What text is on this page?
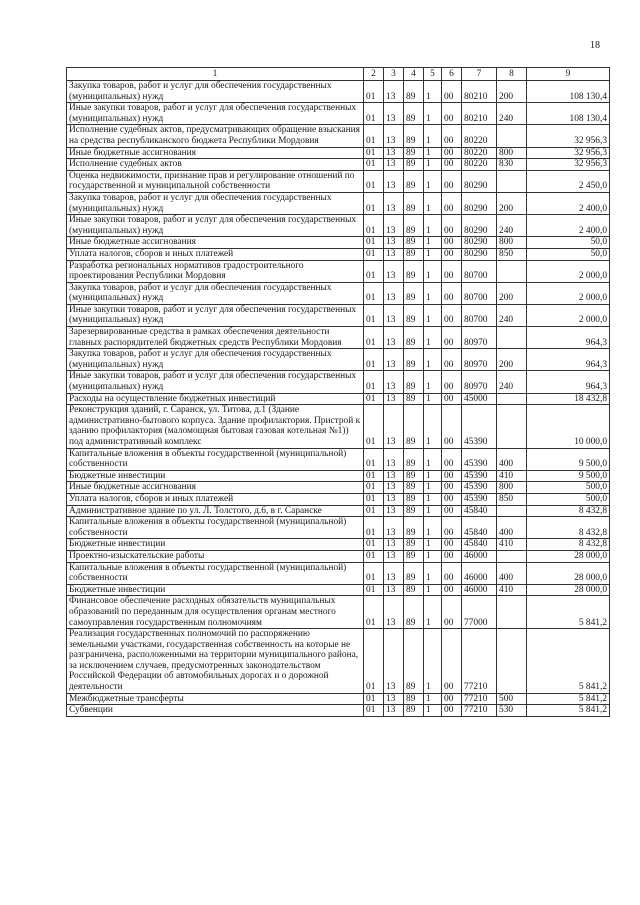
18
1	2	3	4	5	6	7	8	9
Закупка товаров, работ и услуг для обеспечения государственных (муниципальных) нужд	01	13	89	1	00	80210	200	108 130,4
Иные закупки товаров, работ и услуг для обеспечения государственных (муниципальных) нужд	01	13	89	1	00	80210	240	108 130,4
Исполнение судебных актов, предусматривающих обращение взыскания на средства республиканского бюджета Республики Мордовия	01	13	89	1	00	80220		32 956,3
Иные бюджетные ассигнования	01	13	89	1	00	80220	800	32 956,3
Исполнение судебных актов	01	13	89	1	00	80220	830	32 956,3
Оценка недвижимости, признание прав и регулирование отношений по государственной и муниципальной собственности	01	13	89	1	00	80290		2 450,0
Закупка товаров, работ и услуг для обеспечения государственных (муниципальных) нужд	01	13	89	1	00	80290	200	2 400,0
Иные закупки товаров, работ и услуг для обеспечения государственных (муниципальных) нужд	01	13	89	1	00	80290	240	2 400,0
Иные бюджетные ассигнования	01	13	89	1	00	80290	800	50,0
Уплата налогов, сборов и иных платежей	01	13	89	1	00	80290	850	50,0
Разработка региональных нормативов градостроительного проектирования Республики Мордовия	01	13	89	1	00	80700		2 000,0
Закупка товаров, работ и услуг для обеспечения государственных (муниципальных) нужд	01	13	89	1	00	80700	200	2 000,0
Иные закупки товаров, работ и услуг для обеспечения государственных (муниципальных) нужд	01	13	89	1	00	80700	240	2 000,0
Зарезервированные средства в рамках обеспечения деятельности главных распорядителей бюджетных средств Республики Мордовия	01	13	89	1	00	80970		964,3
Закупка товаров, работ и услуг для обеспечения государственных (муниципальных) нужд	01	13	89	1	00	80970	200	964,3
Иные закупки товаров, работ и услуг для обеспечения государственных (муниципальных) нужд	01	13	89	1	00	80970	240	964,3
Расходы на осуществление бюджетных инвестиций	01	13	89	1	00	45000		18 432,8
Реконструкция зданий, г. Саранск, ул. Титова, д.1 (Здание административно-бытового корпуса. Здание профилактория. Пристрой к зданию профилактория (маломощная бытовая газовая котельная №1)) под административный комплекс	01	13	89	1	00	45390		10 000,0
Капитальные вложения в объекты государственной (муниципальной) собственности	01	13	89	1	00	45390	400	9 500,0
Бюджетные инвестиции	01	13	89	1	00	45390	410	9 500,0
Иные бюджетные ассигнования	01	13	89	1	00	45390	800	500,0
Уплата налогов, сборов и иных платежей	01	13	89	1	00	45390	850	500,0
Административное здание по ул. Л. Толстого, д.6, в г. Саранске	01	13	89	1	00	45840		8 432,8
Капитальные вложения в объекты государственной (муниципальной) собственности	01	13	89	1	00	45840	400	8 432,8
Бюджетные инвестиции	01	13	89	1	00	45840	410	8 432,8
Проектно-изыскательские работы	01	13	89	1	00	46000		28 000,0
Капитальные вложения в объекты государственной (муниципальной) собственности	01	13	89	1	00	46000	400	28 000,0
Бюджетные инвестиции	01	13	89	1	00	46000	410	28 000,0
Финансовое обеспечение расходных обязательств муниципальных образований по переданным для осуществления органам местного самоуправления государственным полномочиям	01	13	89	1	00	77000		5 841,2
Реализация государственных полномочий по распоряжению земельными участками, государственная собственность на которые не разграничена, расположенными на территории муниципального района, за исключением случаев, предусмотренных законодательством Российской Федерации об автомобильных дорогах и о дорожной деятельности	01	13	89	1	00	77210		5 841,2
Межбюджетные трансферты	01	13	89	1	00	77210	500	5 841,2
Субвенции	01	13	89	1	00	77210	530	5 841,2
